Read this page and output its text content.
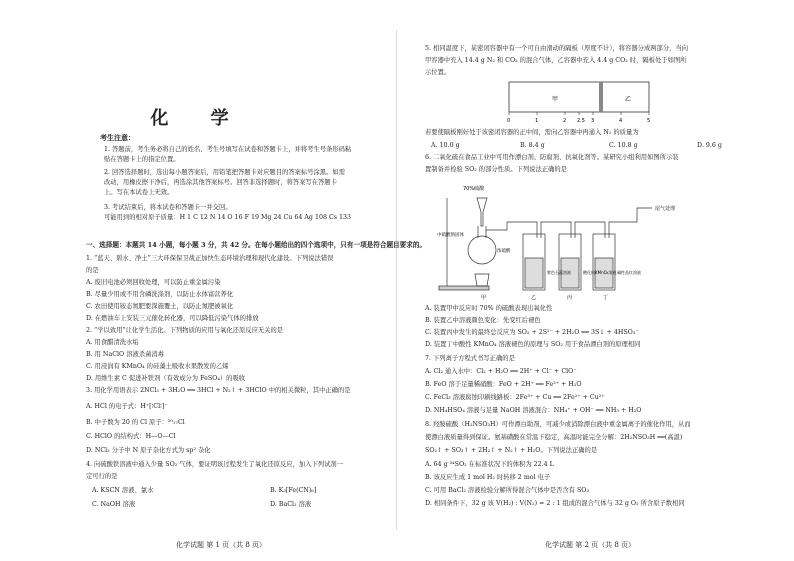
化 学
考生注意：
1. 答题前，考生务必将自己的姓名、考生号填写在试卷和答题卡上，并将考生号条形码粘
贴在答题卡上的指定位置。
2. 回答选择题时，选出每小题答案后，用铅笔把答题卡对应题目的答案标号涂黑。如需
改动，用橡皮擦干净后，再选涂其他答案标号。回答非选择题时，将答案写在答题卡
上。写在本试卷上无效。
3. 考试结束后，将本试卷和答题卡一并交回。
可能用到的相对原子质量：H 1 C 12 N 14 O 16 F 19 Mg 24 Cu 64 Ag 108 Cs 133
一、选择题：本题共 14 小题，每小题 3 分，共 42 分。在每小题给出的四个选项中，只有一项是符合题目要求的。
1. “蓝天、碧水、净土”三大环保保卫战正加快生态环境治理和现代化建设。下列说法错误
的是
A. 废旧电池必须回收处理，可以防止重金属污染
B. 尽量少用或不用含磷洗涤剂，以防止水体富营养化
C. 农田使用铵态氮肥要深施覆土，以防止氮肥被氧化
D. 在燃油车上安装三元催化转化器，可以降低污染气体的排放
2. “学以致用”让化学生活化。下列物质的应用与氧化还原反应无关的是
A. 用食醋清洗水垢
B. 用 NaClO 溶液杀菌消毒
C. 用浸润有 KMnO₄ 的硅藻土吸收水果散发的乙烯
D. 用维生素 C 促进补铁剂（有效成分为 FeSO₄）的吸收
3. 用化学用语表示 2NCl₃ + 3H₂O ══ 3HCl + N₂↑ + 3HClO 中的相关微粒，其中正确的是
A. HCl 的电子式：H⁺[∶Cl∶]⁻
B. 中子数为 20 的 Cl 原子：²⁰₁₇Cl
C. HClO 的结构式：H—O—Cl
D. NCl₃ 分子中 N 原子杂化方式为 sp² 杂化
4. 向硫酸铁溶液中通入少量 SO₂ 气体，要证明该过程发生了氧化还原反应，加入下列试剂一
定可行的是
A. KSCN 溶液、氯水	B. K₃[Fe(CN)₆]
C. NaOH 溶液	D. BaCl₂ 溶液
化学试题 第 1 页（共 8 页）
5. 相同温度下，某密闭容器中有一个可自由滑动的隔板（厚度不计），将容器分成两部分，当向
甲容器中充入 14.4 g N₂ 和 CO₂ 的混合气体，乙容器中充入 4.4 g CO₂ 时，隔板处于如图所
示位置。
甲	乙
0	1	2 2.5 3	4	5
若要使隔板刚好处于该密闭容器的正中间，需向乙容器中再通入 N₂ 的质量为
A. 10.0 g	B. 8.4 g	C. 10.8 g	D. 9.6 g
6. 二氧化硫在食品工业中可用作漂白剂、防腐剂、抗氧化剂等。某研究小组利用如图所示装
置制备并检验 SO₂ 的部分性质。下列说法正确的是
70%硫酸
中硫酸钠固体
浓硫酸
紫色石蕊溶液	酸化的KMnO₄溶液 碱性品红溶液
尾气处理
甲	乙	丙	丁
A. 装置甲中反应时 70% 的硫酸表现出氧化性
B. 装置乙中溶液颜色变化：先变红后褪色
C. 装置丙中发生的最终总反应为 SO₂ + 2S²⁻ + 2H₂O ══ 3S↓ + 4HSO₃⁻
D. 装置丁中酸性 KMnO₄ 溶液褪色的原理与 SO₂ 用于食品漂白剂的原理相同
7. 下列离子方程式书写正确的是
A. Cl₂ 通入水中：Cl₂ + H₂O ══ 2H⁺ + Cl⁻ + ClO⁻
B. FeO 溶于足量稀硝酸：FeO + 2H⁺ ══ Fe²⁺ + H₂O
C. FeCl₃ 溶液腐蚀印刷线路板：2Fe³⁺ + Cu ══ 2Fe²⁺ + Cu²⁺
D. NH₄HSO₄ 溶液与足量 NaOH 溶液混合：NH₄⁺ + OH⁻ ══ NH₃ + H₂O
8. 羟胺硫酸（H₂NSO₃H）可作漂白助剂，可减少或消除漂白液中重金属离子的催化作用，从而
使漂白液质量得到保证。氨基磺酸在常温下稳定，高温时能完全分解：2H₂NSO₃H ══(高温)
SO₂↑ + SO₃↑ + 2H₂↑ + N₂↑ + H₂O。下列说法正确的是
A. 64 g ³⁴SO₂ 在标准状况下的体积为 22.4 L
B. 该反应生成 1 mol H₂ 时转移 2 mol 电子
C. 可用 BaCl₂ 溶液检验分解所得混合气体中是否含有 SO₃
D. 相同条件下，32 g 该 V(H₂) : V(N₂) = 2 : 1 组成的混合气体与 32 g O₂ 所含原子数相同
化学试题 第 2 页（共 8 页）
